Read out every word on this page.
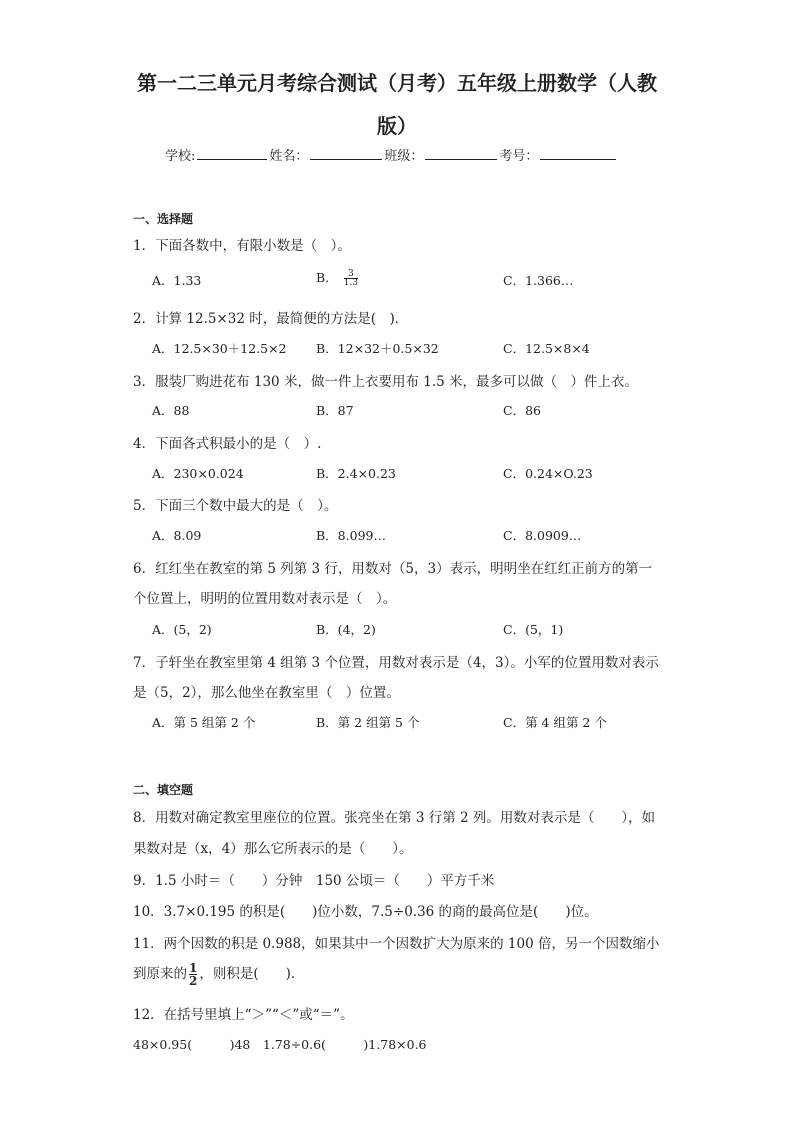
第一二三单元月考综合测试（月考）五年级上册数学（人教
版）
学校:	姓名：	班级：	考号：
一、选择题
1．下面各数中，有限小数是（　）。
A．1.33	B． $\frac{3}{1.3}$	C．1.366…
2．计算 12.5×32 时，最简便的方法是(　)．
A．12.5×30＋12.5×2 B．12×32＋0.5×32	C．12.5×8×4
3．服装厂购进花布 130 米，做一件上衣要用布 1.5 米，最多可以做（　）件上衣。
A．88	B．87	C．86
4．下面各式积最小的是（　）.
A．230×0.024	B．2.4×0.23	C．0.24×O.23
5．下面三个数中最大的是（　）。
A．8.09	B．8.099…	C．8.0909…
6．红红坐在教室的第 5 列第 3 行，用数对（5，3）表示，明明坐在红红正前方的第一
个位置上，明明的位置用数对表示是（　）。
A．(5，2)	B．(4，2)	C．(5，1)
7．子轩坐在教室里第 4 组第 3 个位置，用数对表示是（4，3）。小军的位置用数对表示
是（5，2），那么他坐在教室里（　）位置。
A．第 5 组第 2 个	B．第 2 组第 5 个	C．第 4 组第 2 个
二、填空题
8．用数对确定教室里座位的位置。张亮坐在第 3 行第 2 列。用数对表示是（　　），如
果数对是（x，4）那么它所表示的是（　　）。
9．1.5 小时＝（　　）分钟　150 公顷＝（　　）平方千米
10．3.7×0.195 的积是(　　)位小数，7.5÷0.36 的商的最高位是(　　)位。
11．两个因数的积是 0.988，如果其中一个因数扩大为原来的 100 倍，另一个因数缩小
到原来的 $\frac{1}{2}$ ，则积是(　　)．
12．在括号里填上“＞”“＜”或“＝”。
48×0.95(　　　)48　1.78÷0.6(　　　)1.78×0.6
